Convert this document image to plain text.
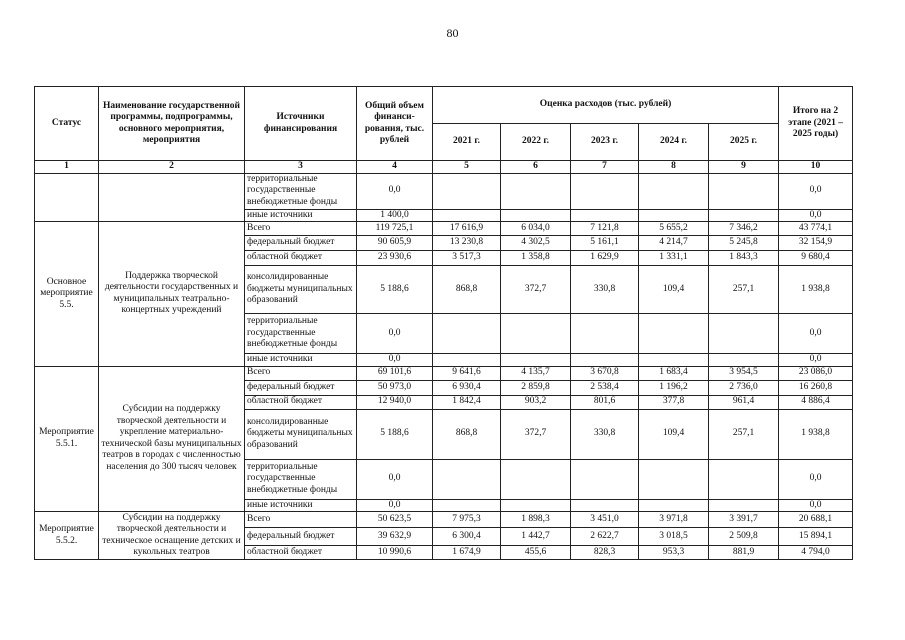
80
Статус	Наименование государственной программы, подпрограммы, основного мероприятия, мероприятия	Источники финансирования	Общий объем финанси-рования, тыс. рублей	Оценка расходов (тыс. рублей)					Итого на 2 этапе (2021 – 2025 годы)
				2021 г.	2022 г.	2023 г.	2024 г.	2025 г.	
1	2	3	4	5	6	7	8	9	10
		территориальные государственные внебюджетные фонды	0,0						0,0
		иные источники	1 400,0						0,0
Основное мероприятие 5.5.	Поддержка творческой деятельности государственных и муниципальных театрально-концертных учреждений	Всего	119 725,1	17 616,9	6 034,0	7 121,8	5 655,2	7 346,2	43 774,1
		федеральный бюджет	90 605,9	13 230,8	4 302,5	5 161,1	4 214,7	5 245,8	32 154,9
		областной бюджет	23 930,6	3 517,3	1 358,8	1 629,9	1 331,1	1 843,3	9 680,4
		консолидированные бюджеты муниципальных образований	5 188,6	868,8	372,7	330,8	109,4	257,1	1 938,8
		территориальные государственные внебюджетные фонды	0,0						0,0
		иные источники	0,0						0,0
Мероприятие 5.5.1.	Субсидии на поддержку творческой деятельности и укрепление материально-технической базы муниципальных театров в городах с численностью населения до 300 тысяч человек	Всего	69 101,6	9 641,6	4 135,7	3 670,8	1 683,4	3 954,5	23 086,0
		федеральный бюджет	50 973,0	6 930,4	2 859,8	2 538,4	1 196,2	2 736,0	16 260,8
		областной бюджет	12 940,0	1 842,4	903,2	801,6	377,8	961,4	4 886,4
		консолидированные бюджеты муниципальных образований	5 188,6	868,8	372,7	330,8	109,4	257,1	1 938,8
		территориальные государственные внебюджетные фонды	0,0						0,0
		иные источники	0,0						0,0
Мероприятие 5.5.2.	Субсидии на поддержку творческой деятельности и техническое оснащение детских и кукольных театров	Всего	50 623,5	7 975,3	1 898,3	3 451,0	3 971,8	3 391,7	20 688,1
		федеральный бюджет	39 632,9	6 300,4	1 442,7	2 622,7	3 018,5	2 509,8	15 894,1
		областной бюджет	10 990,6	1 674,9	455,6	828,3	953,3	881,9	4 794,0
